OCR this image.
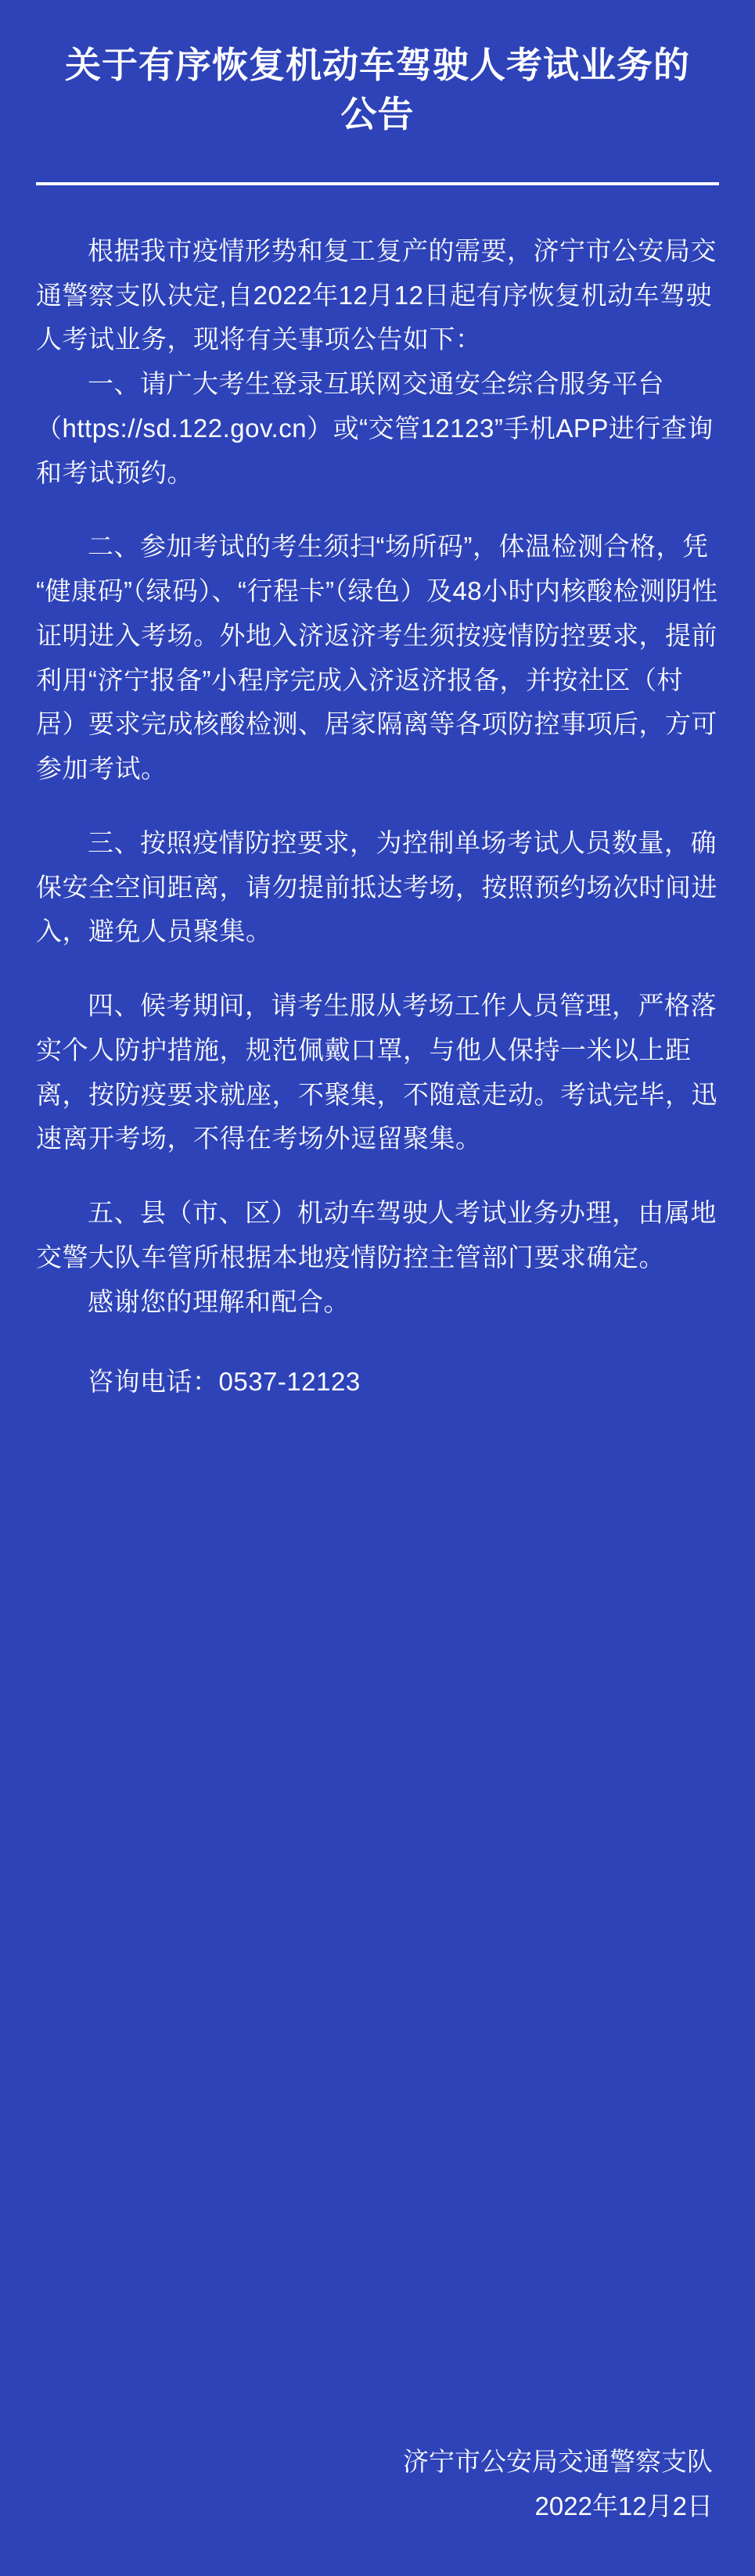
关于有序恢复机动车驾驶人考试业务的公告

根据我市疫情形势和复工复产的需要，济宁市公安局交通警察支队决定,自2022年12月12日起有序恢复机动车驾驶人考试业务，现将有关事项公告如下：

一、请广大考生登录互联网交通安全综合服务平台（https://sd.122.gov.cn）或“交管12123”手机APP进行查询和考试预约。

二、参加考试的考生须扫“场所码”，体温检测合格，凭“健康码”（绿码）、“行程卡”（绿色）及48小时内核酸检测阴性证明进入考场。外地入济返济考生须按疫情防控要求，提前利用“济宁报备”小程序完成入济返济报备，并按社区（村居）要求完成核酸检测、居家隔离等各项防控事项后，方可参加考试。

三、按照疫情防控要求，为控制单场考试人员数量，确保安全空间距离，请勿提前抵达考场，按照预约场次时间进入，避免人员聚集。

四、候考期间，请考生服从考场工作人员管理，严格落实个人防护措施，规范佩戴口罩，与他人保持一米以上距离，按防疫要求就座，不聚集，不随意走动。考试完毕，迅速离开考场，不得在考场外逗留聚集。

五、县（市、区）机动车驾驶人考试业务办理，由属地交警大队车管所根据本地疫情防控主管部门要求确定。

感谢您的理解和配合。

咨询电话：0537-12123

济宁市公安局交通警察支队
2022年12月2日
